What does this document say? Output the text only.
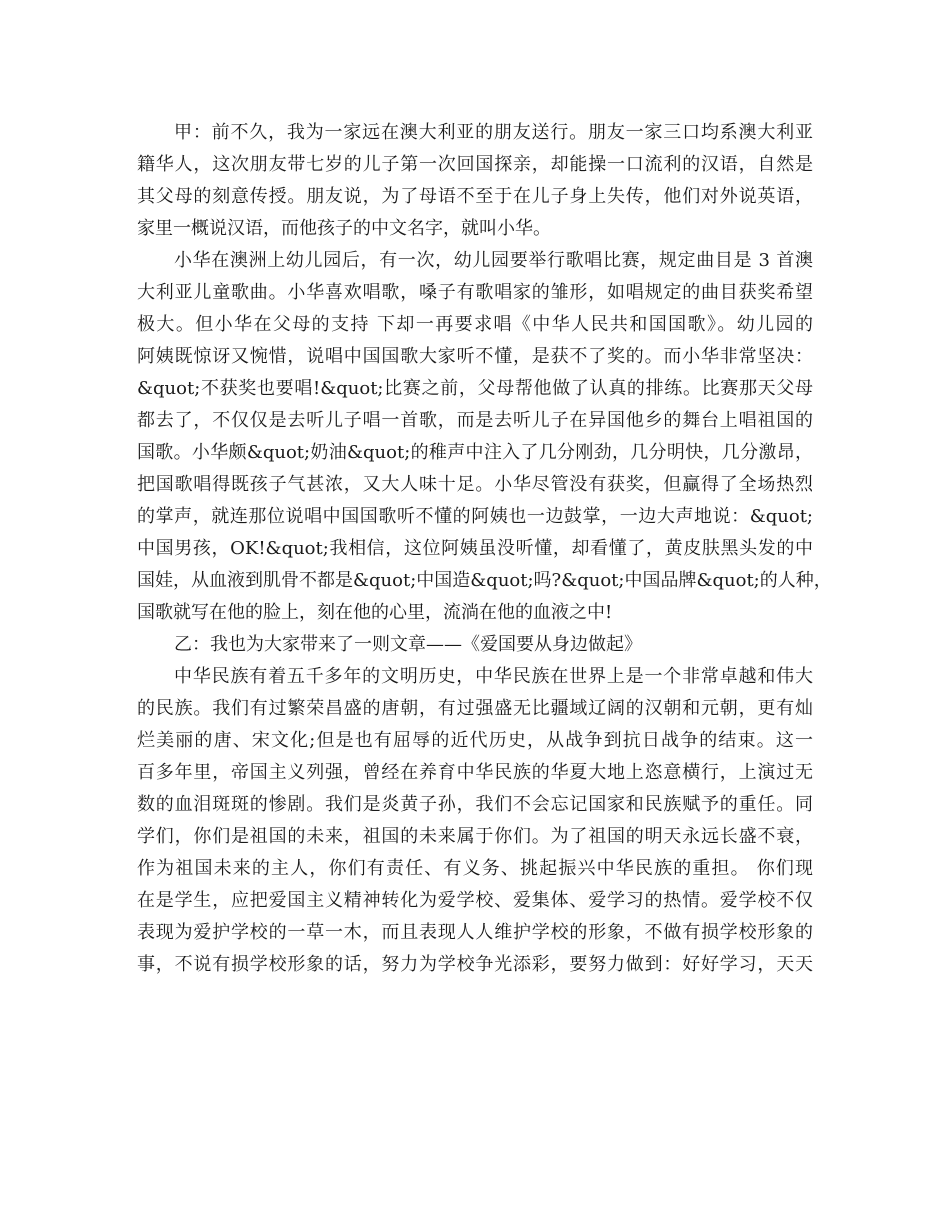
甲：前不久，我为一家远在澳大利亚的朋友送行。朋友一家三口均系澳大利亚
籍华人，这次朋友带七岁的儿子第一次回国探亲，却能操一口流利的汉语，自然是
其父母的刻意传授。朋友说，为了母语不至于在儿子身上失传，他们对外说英语，
家里一概说汉语，而他孩子的中文名字，就叫小华。
小华在澳洲上幼儿园后，有一次，幼儿园要举行歌唱比赛，规定曲目是 3 首澳
大利亚儿童歌曲。小华喜欢唱歌，嗓子有歌唱家的雏形，如唱规定的曲目获奖希望
极大。但小华在父母的支持 下却一再要求唱《中华人民共和国国歌》。幼儿园的
阿姨既惊讶又惋惜，说唱中国国歌大家听不懂，是获不了奖的。而小华非常坚决：
&quot;不获奖也要唱!&quot;比赛之前，父母帮他做了认真的排练。比赛那天父母
都去了，不仅仅是去听儿子唱一首歌，而是去听儿子在异国他乡的舞台上唱祖国的
国歌。小华颇&quot;奶油&quot;的稚声中注入了几分刚劲，几分明快，几分激昂，
把国歌唱得既孩子气甚浓，又大人味十足。小华尽管没有获奖，但赢得了全场热烈
的掌声，就连那位说唱中国国歌听不懂的阿姨也一边鼓掌，一边大声地说：&quot;
中国男孩，OK!&quot;我相信，这位阿姨虽没听懂，却看懂了，黄皮肤黑头发的中
国娃，从血液到肌骨不都是&quot;中国造&quot;吗?&quot;中国品牌&quot;的人种，
国歌就写在他的脸上，刻在他的心里，流淌在他的血液之中!
乙：我也为大家带来了一则文章——《爱国要从身边做起》
中华民族有着五千多年的文明历史，中华民族在世界上是一个非常卓越和伟大
的民族。我们有过繁荣昌盛的唐朝，有过强盛无比疆域辽阔的汉朝和元朝，更有灿
烂美丽的唐、宋文化;但是也有屈辱的近代历史，从战争到抗日战争的结束。这一
百多年里，帝国主义列强，曾经在养育中华民族的华夏大地上恣意横行，上演过无
数的血泪斑斑的惨剧。我们是炎黄子孙，我们不会忘记国家和民族赋予的重任。同
学们，你们是祖国的未来，祖国的未来属于你们。为了祖国的明天永远长盛不衰，
作为祖国未来的主人，你们有责任、有义务、挑起振兴中华民族的重担。 你们现
在是学生，应把爱国主义精神转化为爱学校、爱集体、爱学习的热情。爱学校不仅
表现为爱护学校的一草一木，而且表现人人维护学校的形象，不做有损学校形象的
事，不说有损学校形象的话，努力为学校争光添彩，要努力做到：好好学习，天天
